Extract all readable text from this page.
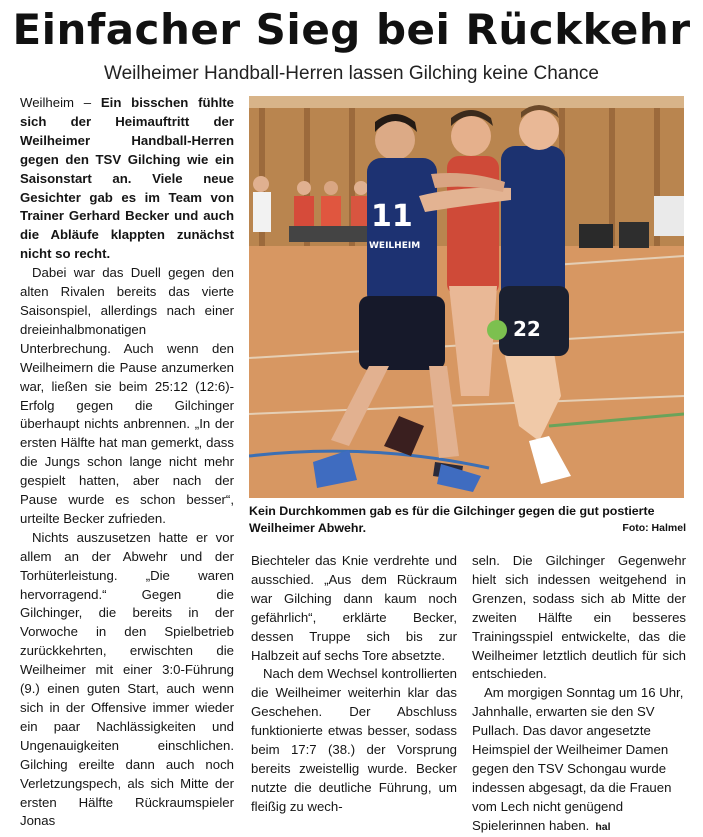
Einfacher Sieg bei Rückkehr
Weilheimer Handball-Herren lassen Gilching keine Chance

Weilheim – Ein bisschen fühlte sich der Heimauftritt der Weilheimer Handball-Herren gegen den TSV Gilching wie ein Saisonstart an. Viele neue Gesichter gab es im Team von Trainer Gerhard Becker und auch die Abläufe klappten zunächst nicht so recht.

Dabei war das Duell gegen den alten Rivalen bereits das vierte Saisonspiel, allerdings nach einer dreieinhalbmonatigen Unterbrechung. Auch wenn den Weilheimern die Pause anzumerken war, ließen sie beim 25:12 (12:6)-Erfolg gegen die Gilchinger überhaupt nichts anbrennen. „In der ersten Hälfte hat man gemerkt, dass die Jungs schon lange nicht mehr gespielt hatten, aber nach der Pause wurde es schon besser“, urteilte Becker zufrieden.

Nichts auszusetzen hatte er vor allem an der Abwehr und der Torhüterleistung. „Die waren hervorragend.“ Gegen die Gilchinger, die bereits in der Vorwoche in den Spielbetrieb zurückkehrten, erwischten die Weilheimer mit einer 3:0-Führung (9.) einen guten Start, auch wenn sich in der Offensive immer wieder ein paar Nachlässigkeiten und Ungenauigkeiten einschlichen. Gilching ereilte dann auch noch Verletzungspech, als sich Mitte der ersten Hälfte Rückraumspieler Jonas

22
11
WEILHEIM
Kein Durchkommen gab es für die Gilchinger gegen die gut postierte Weilheimer Abwehr.	Foto: Halmel

Biechteler das Knie verdrehte und ausschied. „Aus dem Rückraum war Gilching dann kaum noch gefährlich“, erklärte Becker, dessen Truppe sich bis zur Halbzeit auf sechs Tore absetzte.

Nach dem Wechsel kontrollierten die Weilheimer weiterhin klar das Geschehen. Der Abschluss funktionierte etwas besser, sodass beim 17:7 (38.) der Vorsprung bereits zweistellig wurde. Becker nutzte die deutliche Führung, um fleißig zu wech-

seln. Die Gilchinger Gegenwehr hielt sich indessen weitgehend in Grenzen, sodass sich ab Mitte der zweiten Hälfte ein besseres Trainingsspiel entwickelte, das die Weilheimer letztlich deutlich für sich entschieden.

Am morgigen Sonntag um 16 Uhr, Jahnhalle, erwarten sie den SV Pullach. Das davor angesetzte Heimspiel der Weilheimer Damen gegen den TSV Schongau wurde indessen abgesagt, da die Frauen vom Lech nicht genügend Spielerinnen haben. hal
